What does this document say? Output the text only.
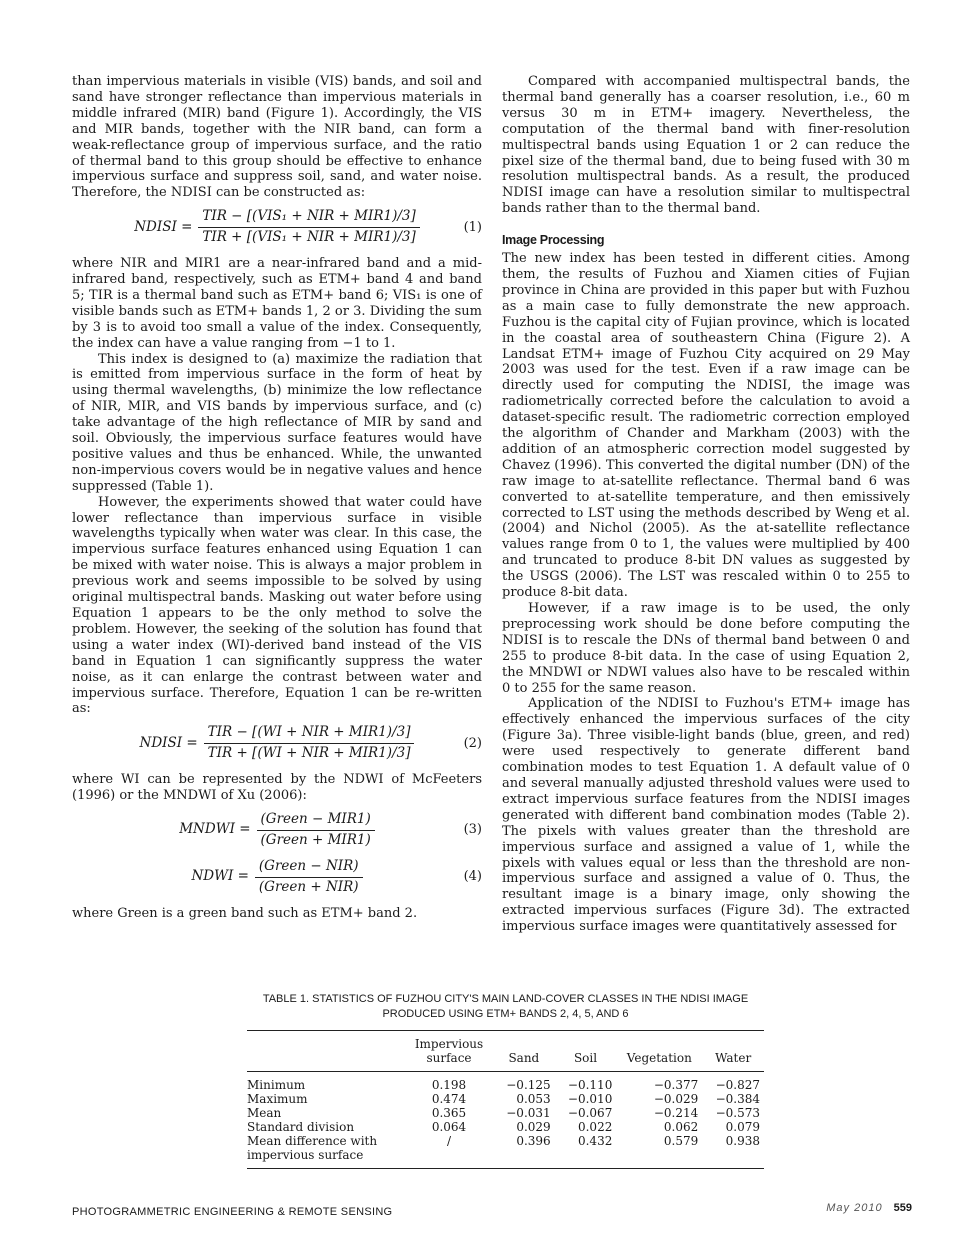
than impervious materials in visible (VIS) bands, and soil and sand have stronger reflectance than impervious materials in middle infrared (MIR) band (Figure 1). Accordingly, the VIS and MIR bands, together with the NIR band, can form a weak-reflectance group of impervious surface, and the ratio of thermal band to this group should be effective to enhance impervious surface and suppress soil, sand, and water noise. Therefore, the NDISI can be constructed as:

NDISI = $\frac{\text{TIR − [(VIS₁ + NIR + MIR1)/3]}}{\text{TIR + [(VIS₁ + NIR + MIR1)/3]}}$	(1)

where NIR and MIR1 are a near-infrared band and a mid-infrared band, respectively, such as ETM+ band 4 and band 5; TIR is a thermal band such as ETM+ band 6; VIS₁ is one of visible bands such as ETM+ bands 1, 2 or 3. Dividing the sum by 3 is to avoid too small a value of the index. Consequently, the index can have a value ranging from −1 to 1.

This index is designed to (a) maximize the radiation that is emitted from impervious surface in the form of heat by using thermal wavelengths, (b) minimize the low reflectance of NIR, MIR, and VIS bands by impervious surface, and (c) take advantage of the high reflectance of MIR by sand and soil. Obviously, the impervious surface features would have positive values and thus be enhanced. While, the unwanted non-impervious covers would be in negative values and hence suppressed (Table 1).

However, the experiments showed that water could have lower reflectance than impervious surface in visible wavelengths typically when water was clear. In this case, the impervious surface features enhanced using Equation 1 can be mixed with water noise. This is always a major problem in previous work and seems impossible to be solved by using original multispectral bands. Masking out water before using Equation 1 appears to be the only method to solve the problem. However, the seeking of the solution has found that using a water index (WI)-derived band instead of the VIS band in Equation 1 can significantly suppress the water noise, as it can enlarge the contrast between water and impervious surface. Therefore, Equation 1 can be re-written as:

NDISI = $\frac{\text{TIR − [(WI + NIR + MIR1)/3]}}{\text{TIR + [(WI + NIR + MIR1)/3]}}$	(2)

where WI can be represented by the NDWI of McFeeters (1996) or the MNDWI of Xu (2006):

MNDWI = $\frac{\text{(Green − MIR1)}}{\text{(Green + MIR1)}}$	(3)
NDWI = $\frac{\text{(Green − NIR)}}{\text{(Green + NIR)}}$	(4)

where Green is a green band such as ETM+ band 2.

Compared with accompanied multispectral bands, the thermal band generally has a coarser resolution, i.e., 60 m versus 30 m in ETM+ imagery. Nevertheless, the computation of the thermal band with finer-resolution multispectral bands using Equation 1 or 2 can reduce the pixel size of the thermal band, due to being fused with 30 m resolution multispectral bands. As a result, the produced NDISI image can have a resolution similar to multispectral bands rather than to the thermal band.

Image Processing

The new index has been tested in different cities. Among them, the results of Fuzhou and Xiamen cities of Fujian province in China are provided in this paper but with Fuzhou as a main case to fully demonstrate the new approach. Fuzhou is the capital city of Fujian province, which is located in the coastal area of southeastern China (Figure 2). A Landsat ETM+ image of Fuzhou City acquired on 29 May 2003 was used for the test. Even if a raw image can be directly used for computing the NDISI, the image was radiometrically corrected before the calculation to avoid a dataset-specific result. The radiometric correction employed the algorithm of Chander and Markham (2003) with the addition of an atmospheric correction model suggested by Chavez (1996). This converted the digital number (DN) of the raw image to at-satellite reflectance. Thermal band 6 was converted to at-satellite temperature, and then emissively corrected to LST using the methods described by Weng et al. (2004) and Nichol (2005). As the at-satellite reflectance values range from 0 to 1, the values were multiplied by 400 and truncated to produce 8-bit DN values as suggested by the USGS (2006). The LST was rescaled within 0 to 255 to produce 8-bit data.

However, if a raw image is to be used, the only preprocessing work should be done before computing the NDISI is to rescale the DNs of thermal band between 0 and 255 to produce 8-bit data. In the case of using Equation 2, the MNDWI or NDWI values also have to be rescaled within 0 to 255 for the same reason.

Application of the NDISI to Fuzhou's ETM+ image has effectively enhanced the impervious surfaces of the city (Figure 3a). Three visible-light bands (blue, green, and red) were used respectively to generate different band combination modes to test Equation 1. A default value of 0 and several manually adjusted threshold values were used to extract impervious surface features from the NDISI images generated with different band combination modes (Table 2). The pixels with values greater than the threshold are impervious surface and assigned a value of 1, while the pixels with values equal or less than the threshold are non-impervious surface and assigned a value of 0. Thus, the resultant image is a binary image, only showing the extracted impervious surfaces (Figure 3d). The extracted impervious surface images were quantitatively assessed for

TABLE 1. STATISTICS OF FUZHOU CITY'S MAIN LAND-COVER CLASSES IN THE NDISI IMAGE
PRODUCED USING ETM+ BANDS 2, 4, 5, AND 6
	Impervious surface	Sand	Soil	Vegetation	Water
Minimum	0.198	−0.125	−0.110	−0.377	−0.827
Maximum	0.474	0.053	−0.010	−0.029	−0.384
Mean	0.365	−0.031	−0.067	−0.214	−0.573
Standard division	0.064	0.029	0.022	0.062	0.079
Mean difference with impervious surface	/	0.396	0.432	0.579	0.938
PHOTOGRAMMETRIC ENGINEERING & REMOTE SENSING	May 2010 559
